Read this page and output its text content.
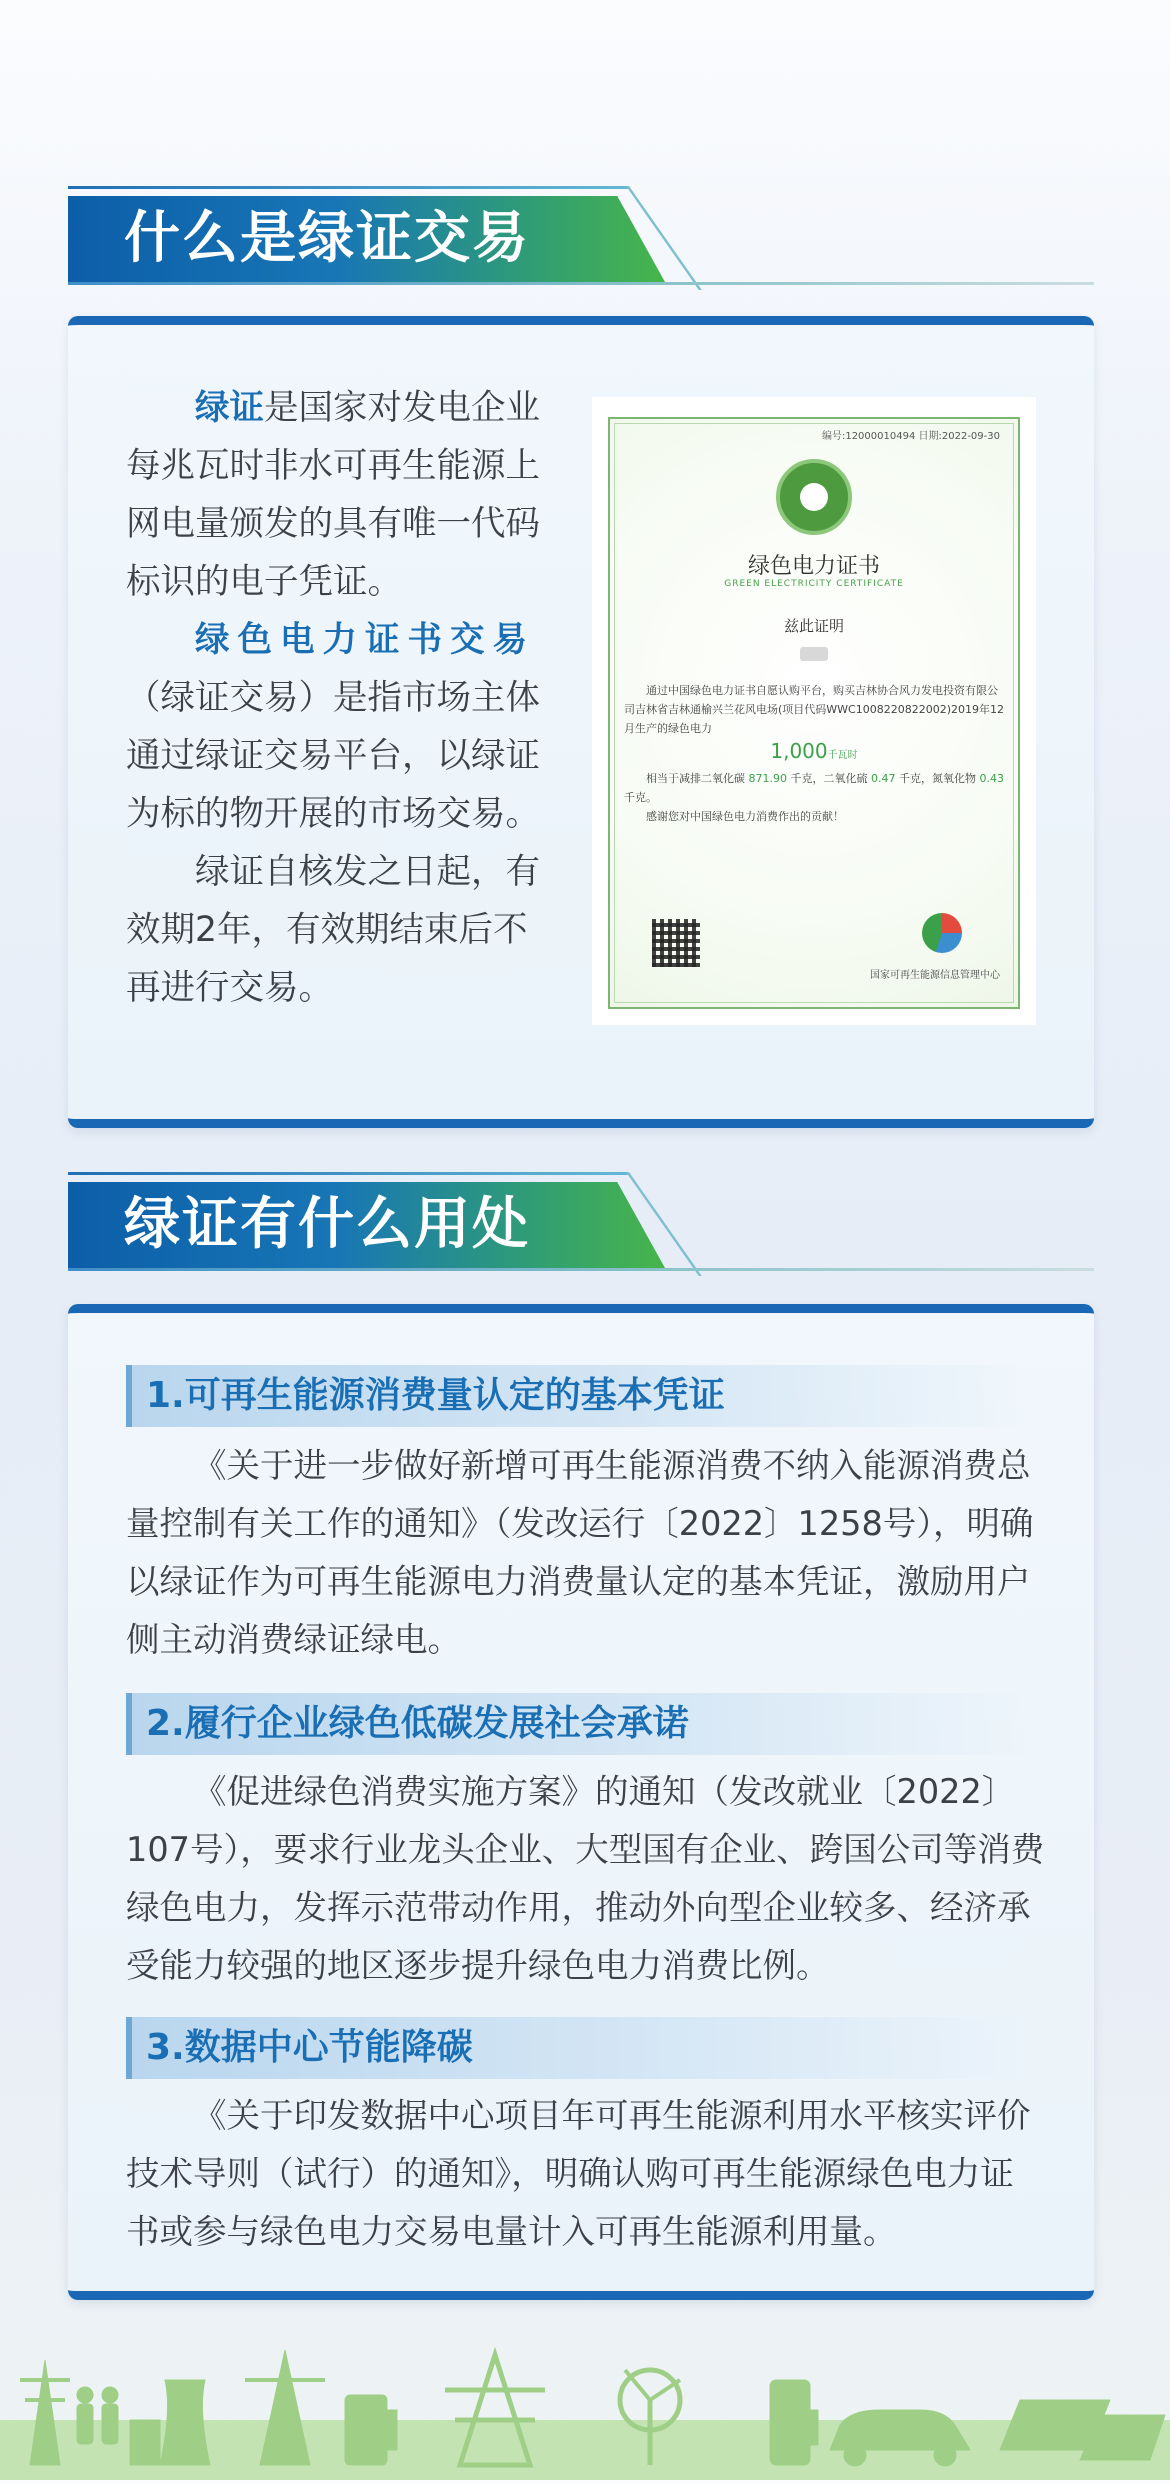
什么是绿证交易

绿证是国家对发电企业每兆瓦时非水可再生能源上网电量颁发的具有唯一代码标识的电子凭证。

绿色电力证书交易（绿证交易）是指市场主体通过绿证交易平台，以绿证为标的物开展的市场交易。

绿证自核发之日起，有效期2年，有效期结束后不再进行交易。

编号:12000010494 日期:2022-09-30
绿色电力证书
GREEN ELECTRICITY CERTIFICATE
兹此证明

通过中国绿色电力证书自愿认购平台，购买吉林协合风力发电投资有限公司吉林省吉林通榆兴兰花风电场(项目代码WWC1008220822002)2019年12月生产的绿色电力

1,000千瓦时

相当于减排二氧化碳 871.90 千克，二氧化硫 0.47 千克，氮氧化物 0.43 千克。

感谢您对中国绿色电力消费作出的贡献！

国家可再生能源信息管理中心
绿证有什么用处
1.可再生能源消费量认定的基本凭证

《关于进一步做好新增可再生能源消费不纳入能源消费总量控制有关工作的通知》（发改运行〔2022〕1258号），明确以绿证作为可再生能源电力消费量认定的基本凭证，激励用户侧主动消费绿证绿电。

2.履行企业绿色低碳发展社会承诺

《促进绿色消费实施方案》的通知（发改就业〔2022〕107号），要求行业龙头企业、大型国有企业、跨国公司等消费绿色电力，发挥示范带动作用，推动外向型企业较多、经济承受能力较强的地区逐步提升绿色电力消费比例。

3.数据中心节能降碳

《关于印发数据中心项目年可再生能源利用水平核实评价技术导则（试行）的通知》，明确认购可再生能源绿色电力证书或参与绿色电力交易电量计入可再生能源利用量。
